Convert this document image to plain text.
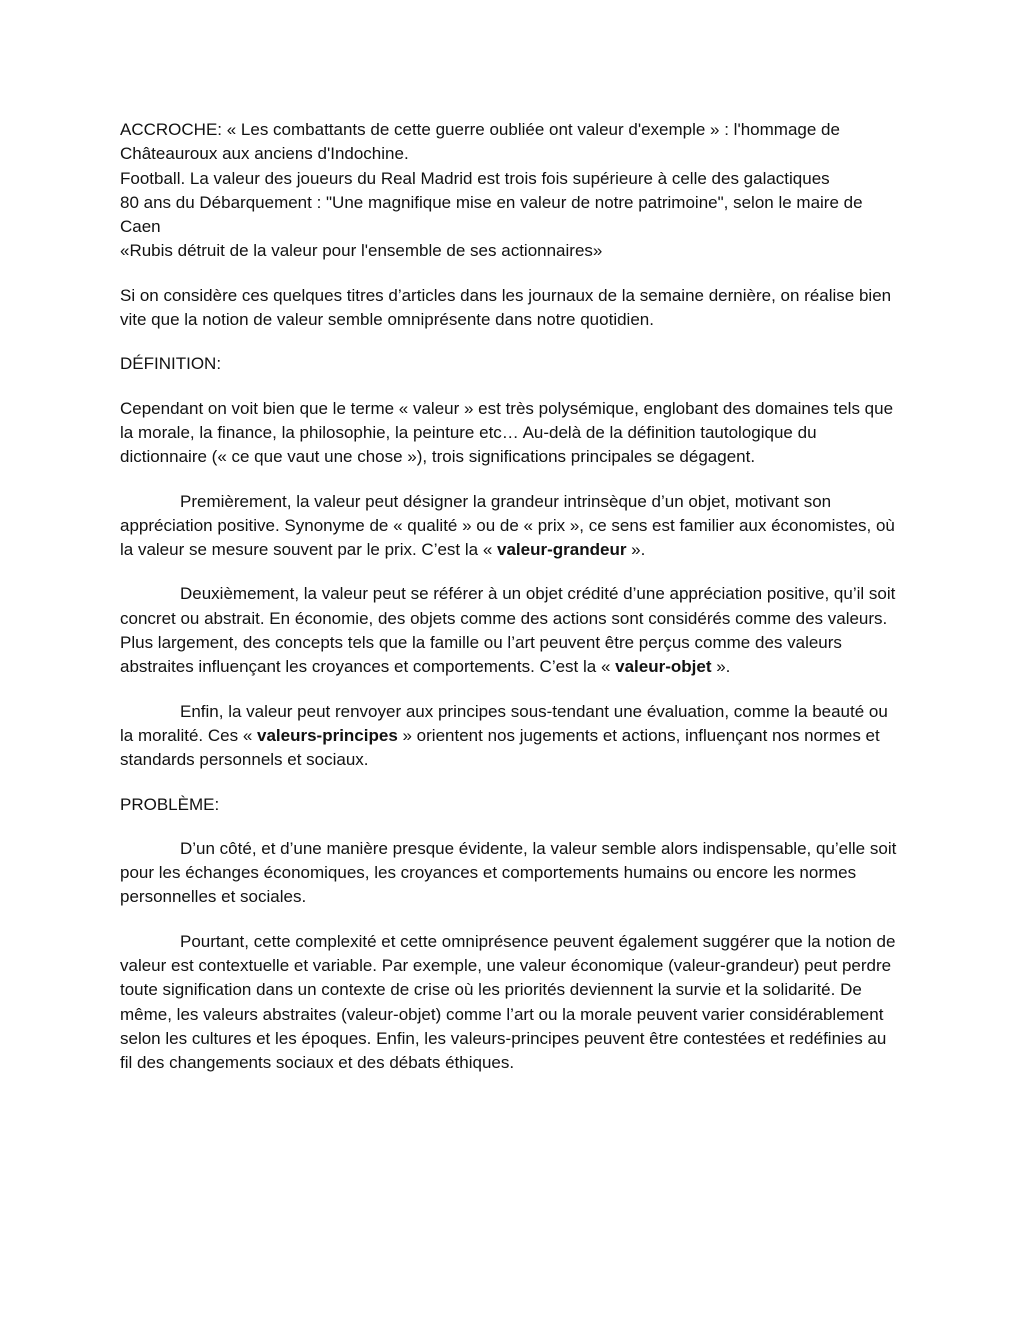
ACCROCHE: « Les combattants de cette guerre oubliée ont valeur d'exemple » : l'hommage de Châteauroux aux anciens d'Indochine.

Football. La valeur des joueurs du Real Madrid est trois fois supérieure à celle des galactiques

80 ans du Débarquement : "Une magnifique mise en valeur de notre patrimoine", selon le maire de Caen

«Rubis détruit de la valeur pour l'ensemble de ses actionnaires»

Si on considère ces quelques titres d’articles dans les journaux de la semaine dernière, on réalise bien vite que la notion de valeur semble omniprésente dans notre quotidien.

DÉFINITION:

Cependant on voit bien que le terme « valeur » est très polysémique, englobant des domaines tels que la morale, la finance, la philosophie, la peinture etc… Au-delà de la définition tautologique du dictionnaire (« ce que vaut une chose »), trois significations principales se dégagent.

Premièrement, la valeur peut désigner la grandeur intrinsèque d’un objet, motivant son appréciation positive. Synonyme de « qualité » ou de « prix », ce sens est familier aux économistes, où la valeur se mesure souvent par le prix. C’est la « valeur-grandeur ».

Deuxièmement, la valeur peut se référer à un objet crédité d’une appréciation positive, qu’il soit concret ou abstrait. En économie, des objets comme des actions sont considérés comme des valeurs. Plus largement, des concepts tels que la famille ou l’art peuvent être perçus comme des valeurs abstraites influençant les croyances et comportements. C’est la « valeur-objet ».

Enfin, la valeur peut renvoyer aux principes sous-tendant une évaluation, comme la beauté ou la moralité. Ces « valeurs-principes » orientent nos jugements et actions, influençant nos normes et standards personnels et sociaux.

PROBLÈME:

D’un côté, et d’une manière presque évidente, la valeur semble alors indispensable, qu’elle soit pour les échanges économiques, les croyances et comportements humains ou encore les normes personnelles et sociales.

Pourtant, cette complexité et cette omniprésence peuvent également suggérer que la notion de valeur est contextuelle et variable. Par exemple, une valeur économique (valeur-grandeur) peut perdre toute signification dans un contexte de crise où les priorités deviennent la survie et la solidarité. De même, les valeurs abstraites (valeur-objet) comme l’art ou la morale peuvent varier considérablement selon les cultures et les époques. Enfin, les valeurs-principes peuvent être contestées et redéfinies au fil des changements sociaux et des débats éthiques.
